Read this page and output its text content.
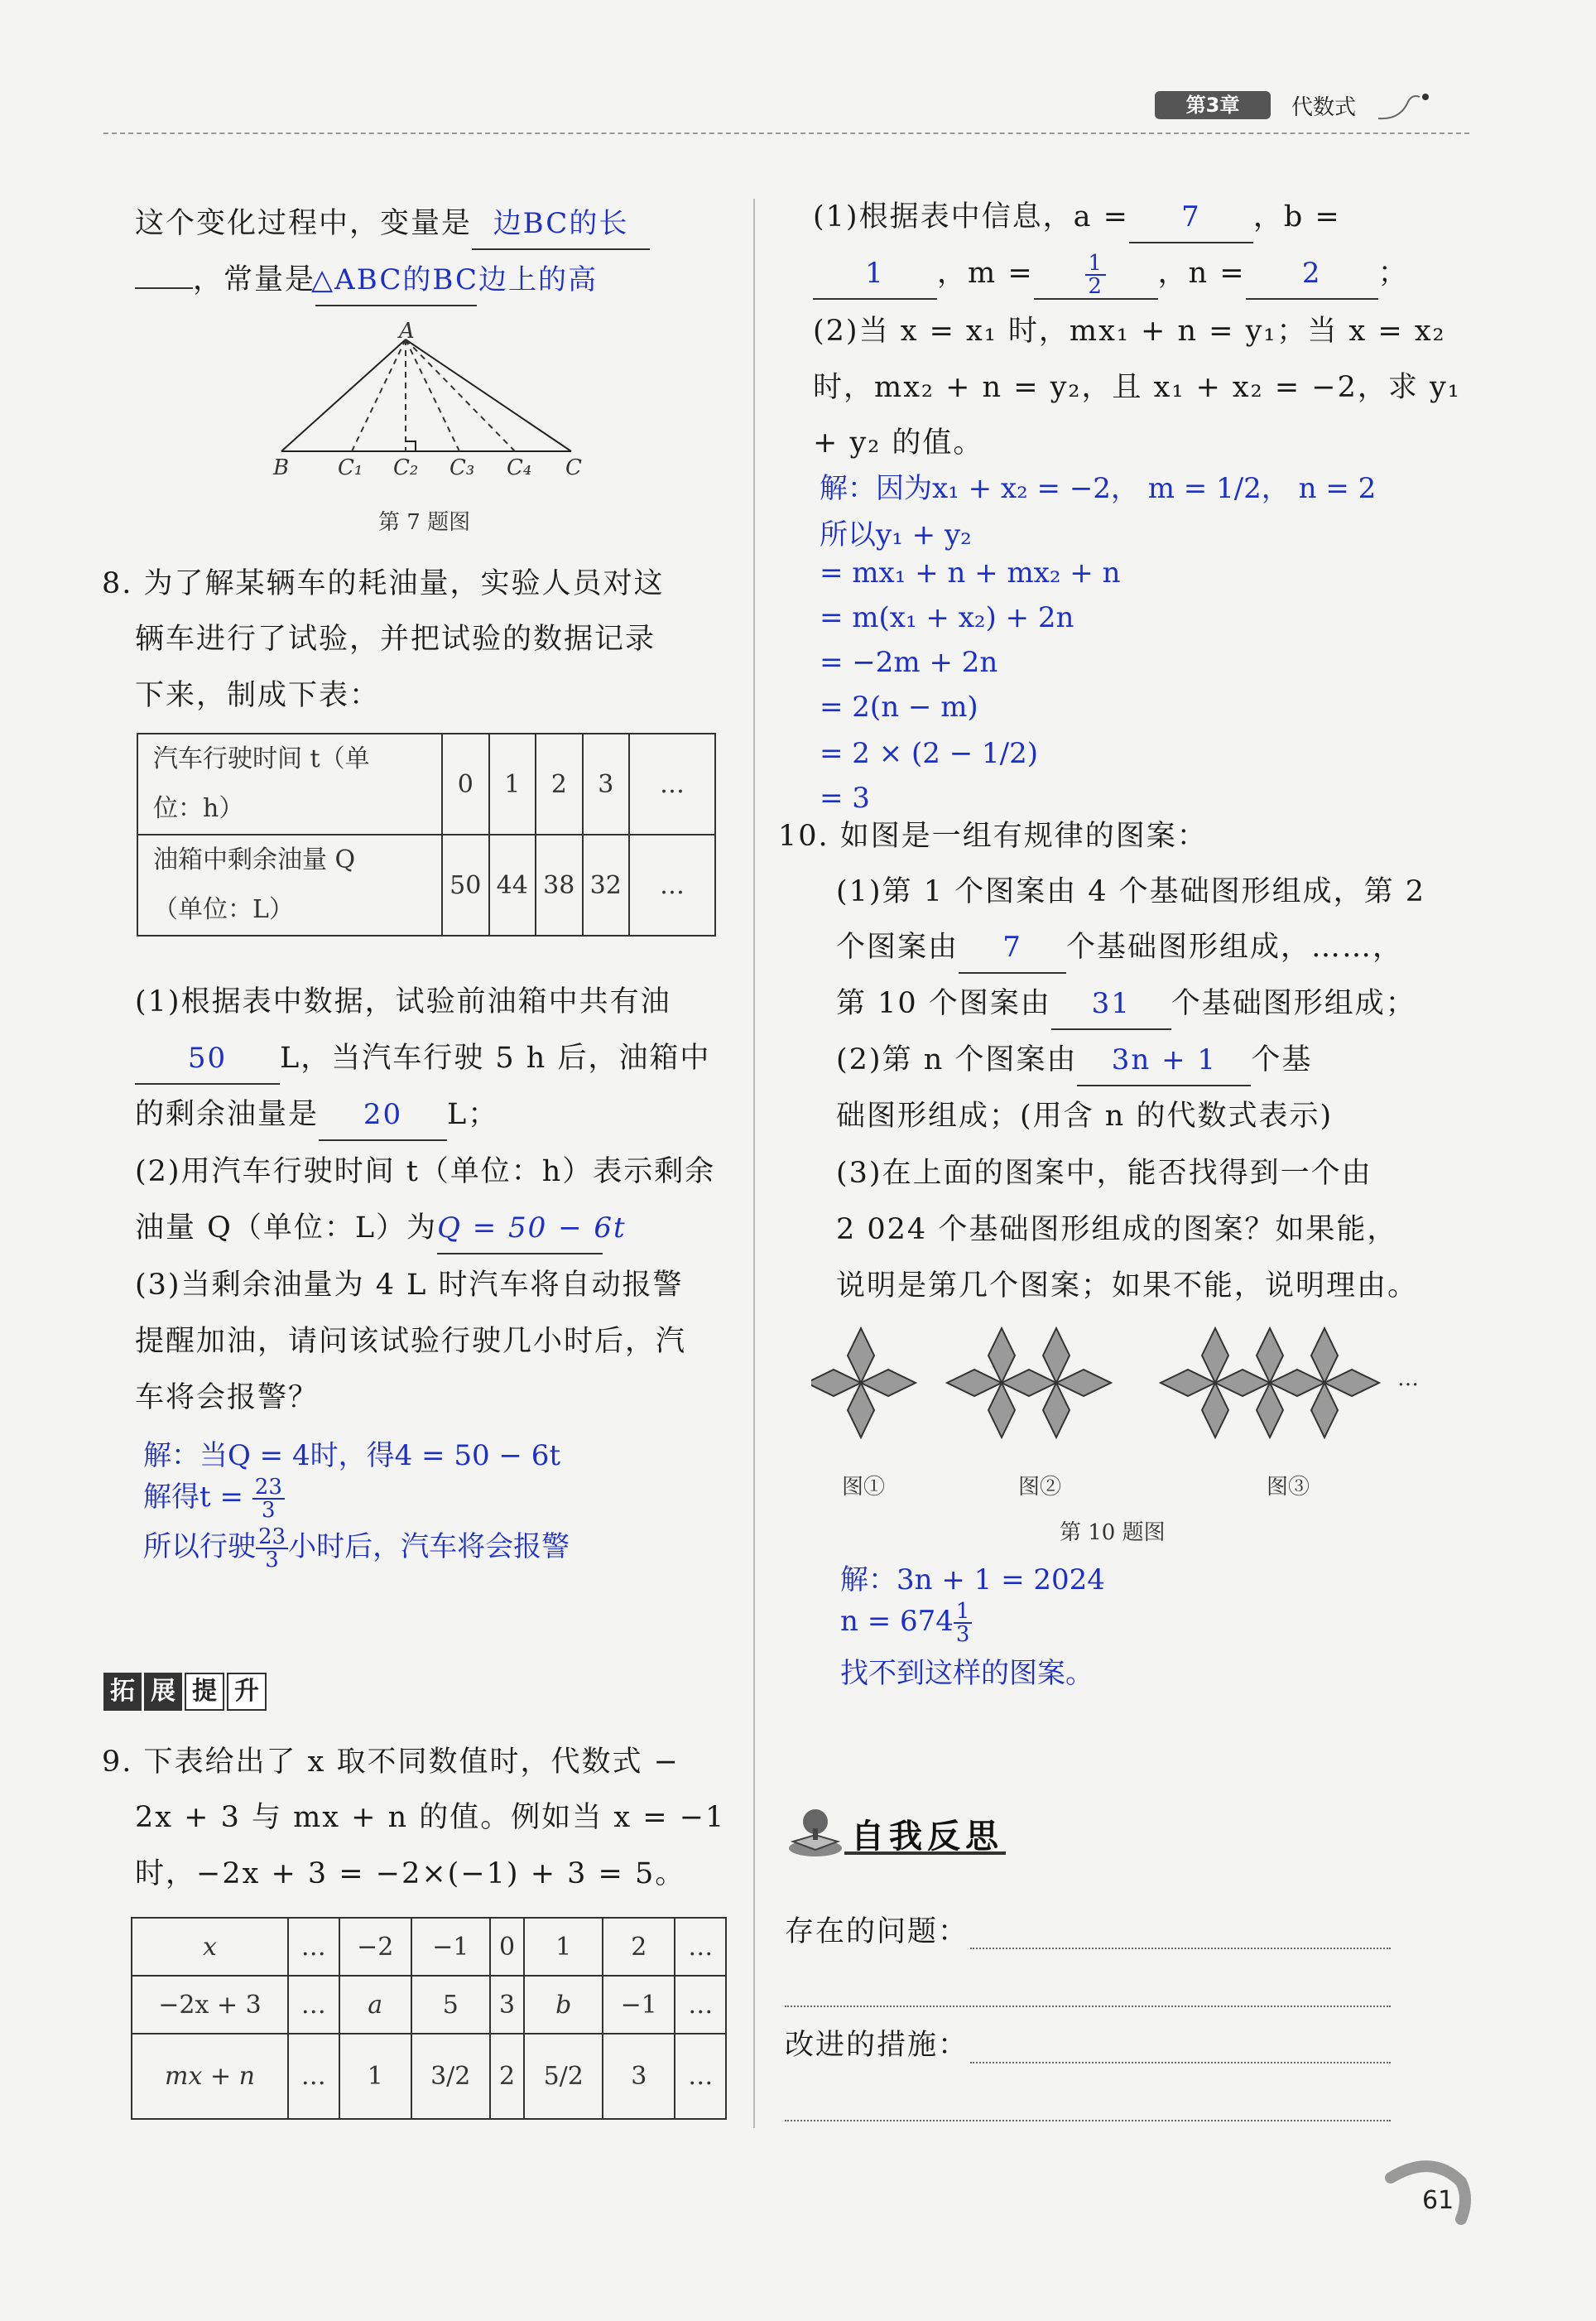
第3章	代数式
这个变化过程中，变量是 边BC的长
，常量是△ABC的BC边上的高
A
B C₁ C₂ C₃ C₄ C
第 7 题图
8. 为了解某辆车的耗油量，实验人员对这
辆车进行了试验，并把试验的数据记录
下来，制成下表：
汽车行驶时间 t（单
位：h）	0	1	2	3	…
油箱中剩余油量 Q
（单位：L）	50	44	38	32	…
(1)根据表中数据，试验前油箱中共有油
50 L，当汽车行驶 5 h 后，油箱中
的剩余油量是 20 L；
(2)用汽车行驶时间 t（单位：h）表示剩余
油量 Q（单位：L）为Q = 50 − 6t
(3)当剩余油量为 4 L 时汽车将自动报警
提醒加油，请问该试验行驶几小时后，汽
车将会报警？
解：当Q = 4时，得4 = 50 − 6t
解得$t = \frac{23}{3}$
所以行驶 $\frac{23}{3}$ 小时后，汽车将会报警
拓 展 提 升
9. 下表给出了 x 取不同数值时，代数式 −
2x + 3 与 mx + n 的值。例如当 x = −1
时，−2x + 3 = −2×(−1) + 3 = 5。
x	…	−2	−1	0	1	2	…
−2x + 3	…	a	5	3	b	−1	…
mx + n	…	1	3/2	2	5/2	3	…
(1)根据表中信息，a = 7 ，b =
1 ，$m = \frac{1}{2}$ ，n = 2 ；
(2)当 x = x₁ 时，mx₁ + n = y₁；当 x = x₂
时，mx₂ + n = y₂，且 x₁ + x₂ = −2，求 y₁
+ y₂ 的值。
解：因为x₁ + x₂ = −2， m = 1/2， n = 2
所以y₁ + y₂
= mx₁ + n + mx₂ + n
= m(x₁ + x₂) + 2n
= −2m + 2n
= 2(n − m)
= 2 × (2 − 1/2)
= 3
10. 如图是一组有规律的图案：
(1)第 1 个图案由 4 个基础图形组成，第 2
个图案由 7 个基础图形组成，……，
第 10 个图案由 31 个基础图形组成；
(2)第 n 个图案由 3n + 1 个基
础图形组成；(用含 n 的代数式表示)
(3)在上面的图案中，能否找得到一个由
2 024 个基础图形组成的图案？如果能，
说明是第几个图案；如果不能，说明理由。
…
图①	图②	图③
第 10 题图
解：3n + 1 = 2024
$n = 674 \frac{1}{3}$
找不到这样的图案。
自我反思
存在的问题：
改进的措施：
61
